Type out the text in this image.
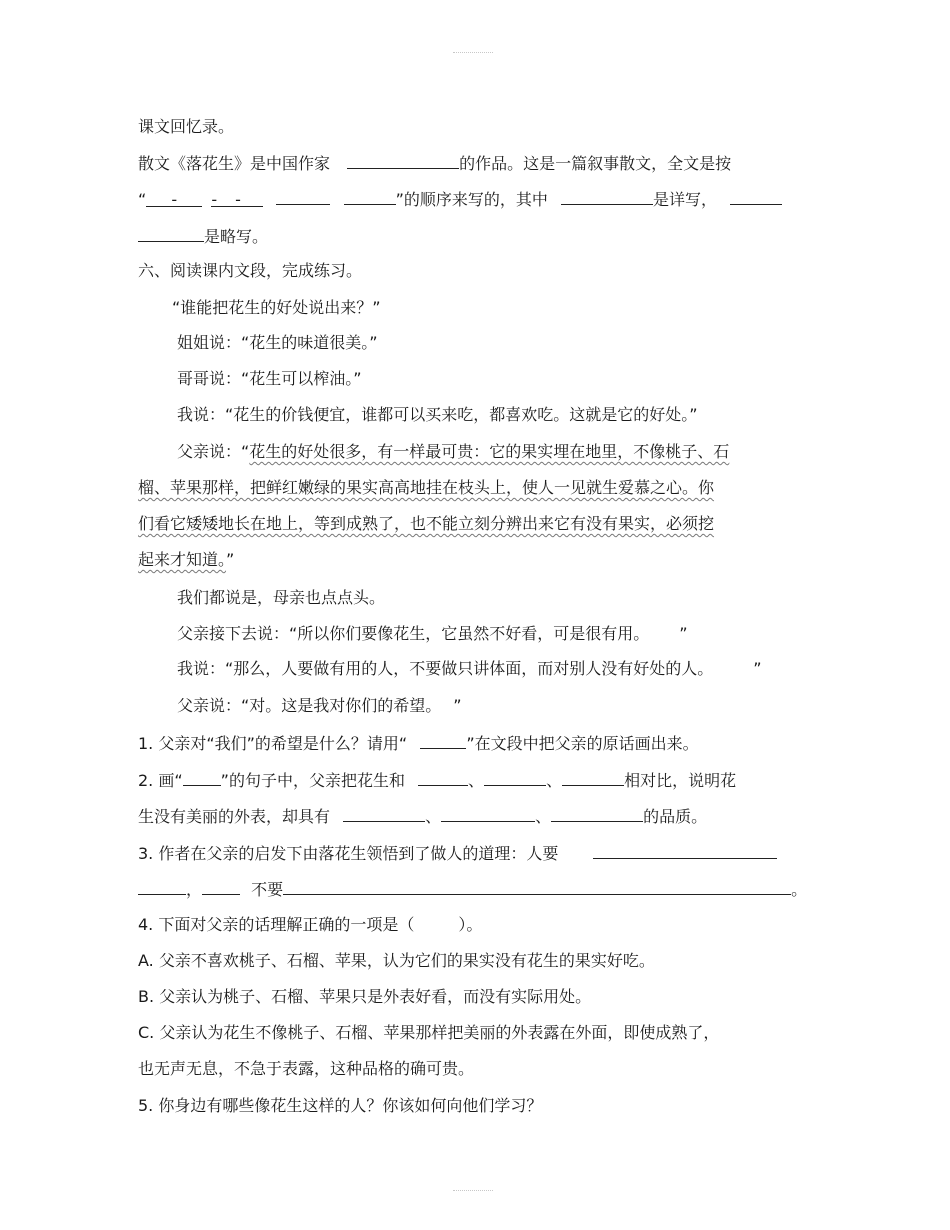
课文回忆录。
散文《落花生》是中国作家	的作品。这是一篇叙事散文，全文是按
“ - - -	”的顺序来写的，其中	是详写，
是略写。
六、阅读课内文段，完成练习。
“谁能把花生的好处说出来？”
姐姐说：“花生的味道很美。”
哥哥说：“花生可以榨油。”
我说：“花生的价钱便宜，谁都可以买来吃，都喜欢吃。这就是它的好处。”
父亲说：“花生的好处很多，有一样最可贵：它的果实埋在地里，不像桃子、石
榴、苹果那样，把鲜红嫩绿的果实高高地挂在枝头上，使人一见就生爱慕之心。你
们看它矮矮地长在地上，等到成熟了，也不能立刻分辨出来它有没有果实，必须挖
起来才知道。”
我们都说是，母亲也点点头。
父亲接下去说：“所以你们要像花生，它虽然不好看，可是很有用。 ”
我说：“那么，人要做有用的人，不要做只讲体面，而对别人没有好处的人。	”
父亲说：“对。这是我对你们的希望。 ”
1. 父亲对“我们”的希望是什么？请用“	”在文段中把父亲的原话画出来。
2. 画“ ”的句子中，父亲把花生和	、	、	相对比，说明花
生没有美丽的外表，却具有	、	、	的品质。
3. 作者在父亲的启发下由落花生领悟到了做人的道理：人要
，	不要	。
4. 下面对父亲的话理解正确的一项是（	）。
A. 父亲不喜欢桃子、石榴、苹果，认为它们的果实没有花生的果实好吃。
B. 父亲认为桃子、石榴、苹果只是外表好看，而没有实际用处。
C. 父亲认为花生不像桃子、石榴、苹果那样把美丽的外表露在外面，即使成熟了，
也无声无息，不急于表露，这种品格的确可贵。
5. 你身边有哪些像花生这样的人？你该如何向他们学习？
